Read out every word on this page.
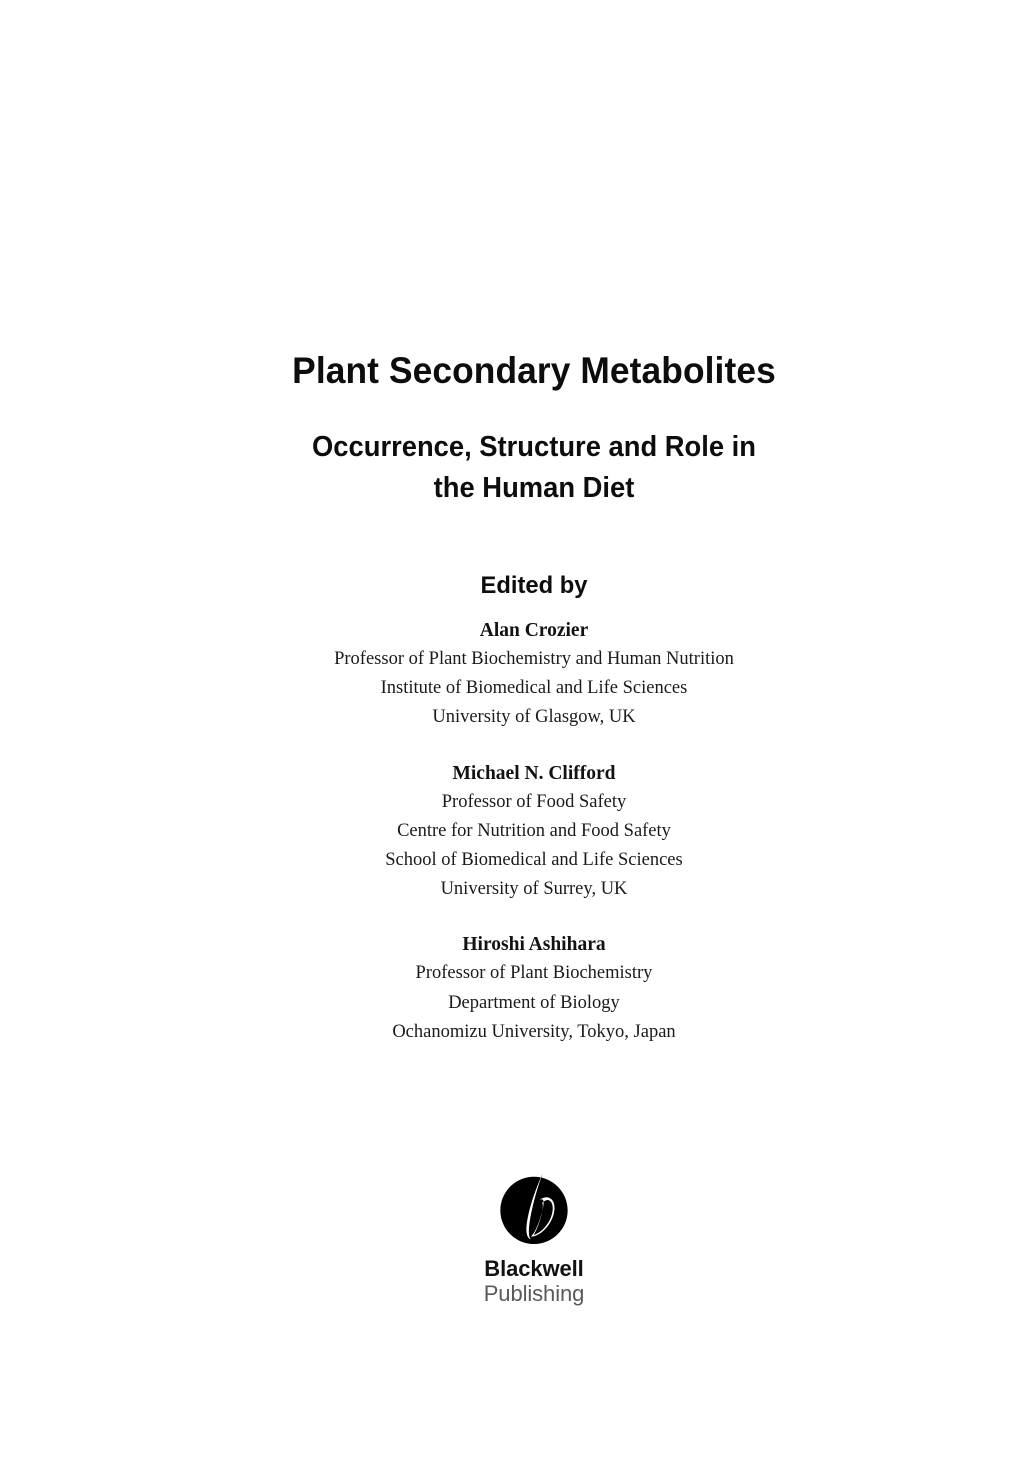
Plant Secondary Metabolites
Occurrence, Structure and Role in
the Human Diet
Edited by
Alan Crozier
Professor of Plant Biochemistry and Human Nutrition
Institute of Biomedical and Life Sciences
University of Glasgow, UK
Michael N. Clifford
Professor of Food Safety
Centre for Nutrition and Food Safety
School of Biomedical and Life Sciences
University of Surrey, UK
Hiroshi Ashihara
Professor of Plant Biochemistry
Department of Biology
Ochanomizu University, Tokyo, Japan
Blackwell
Publishing
